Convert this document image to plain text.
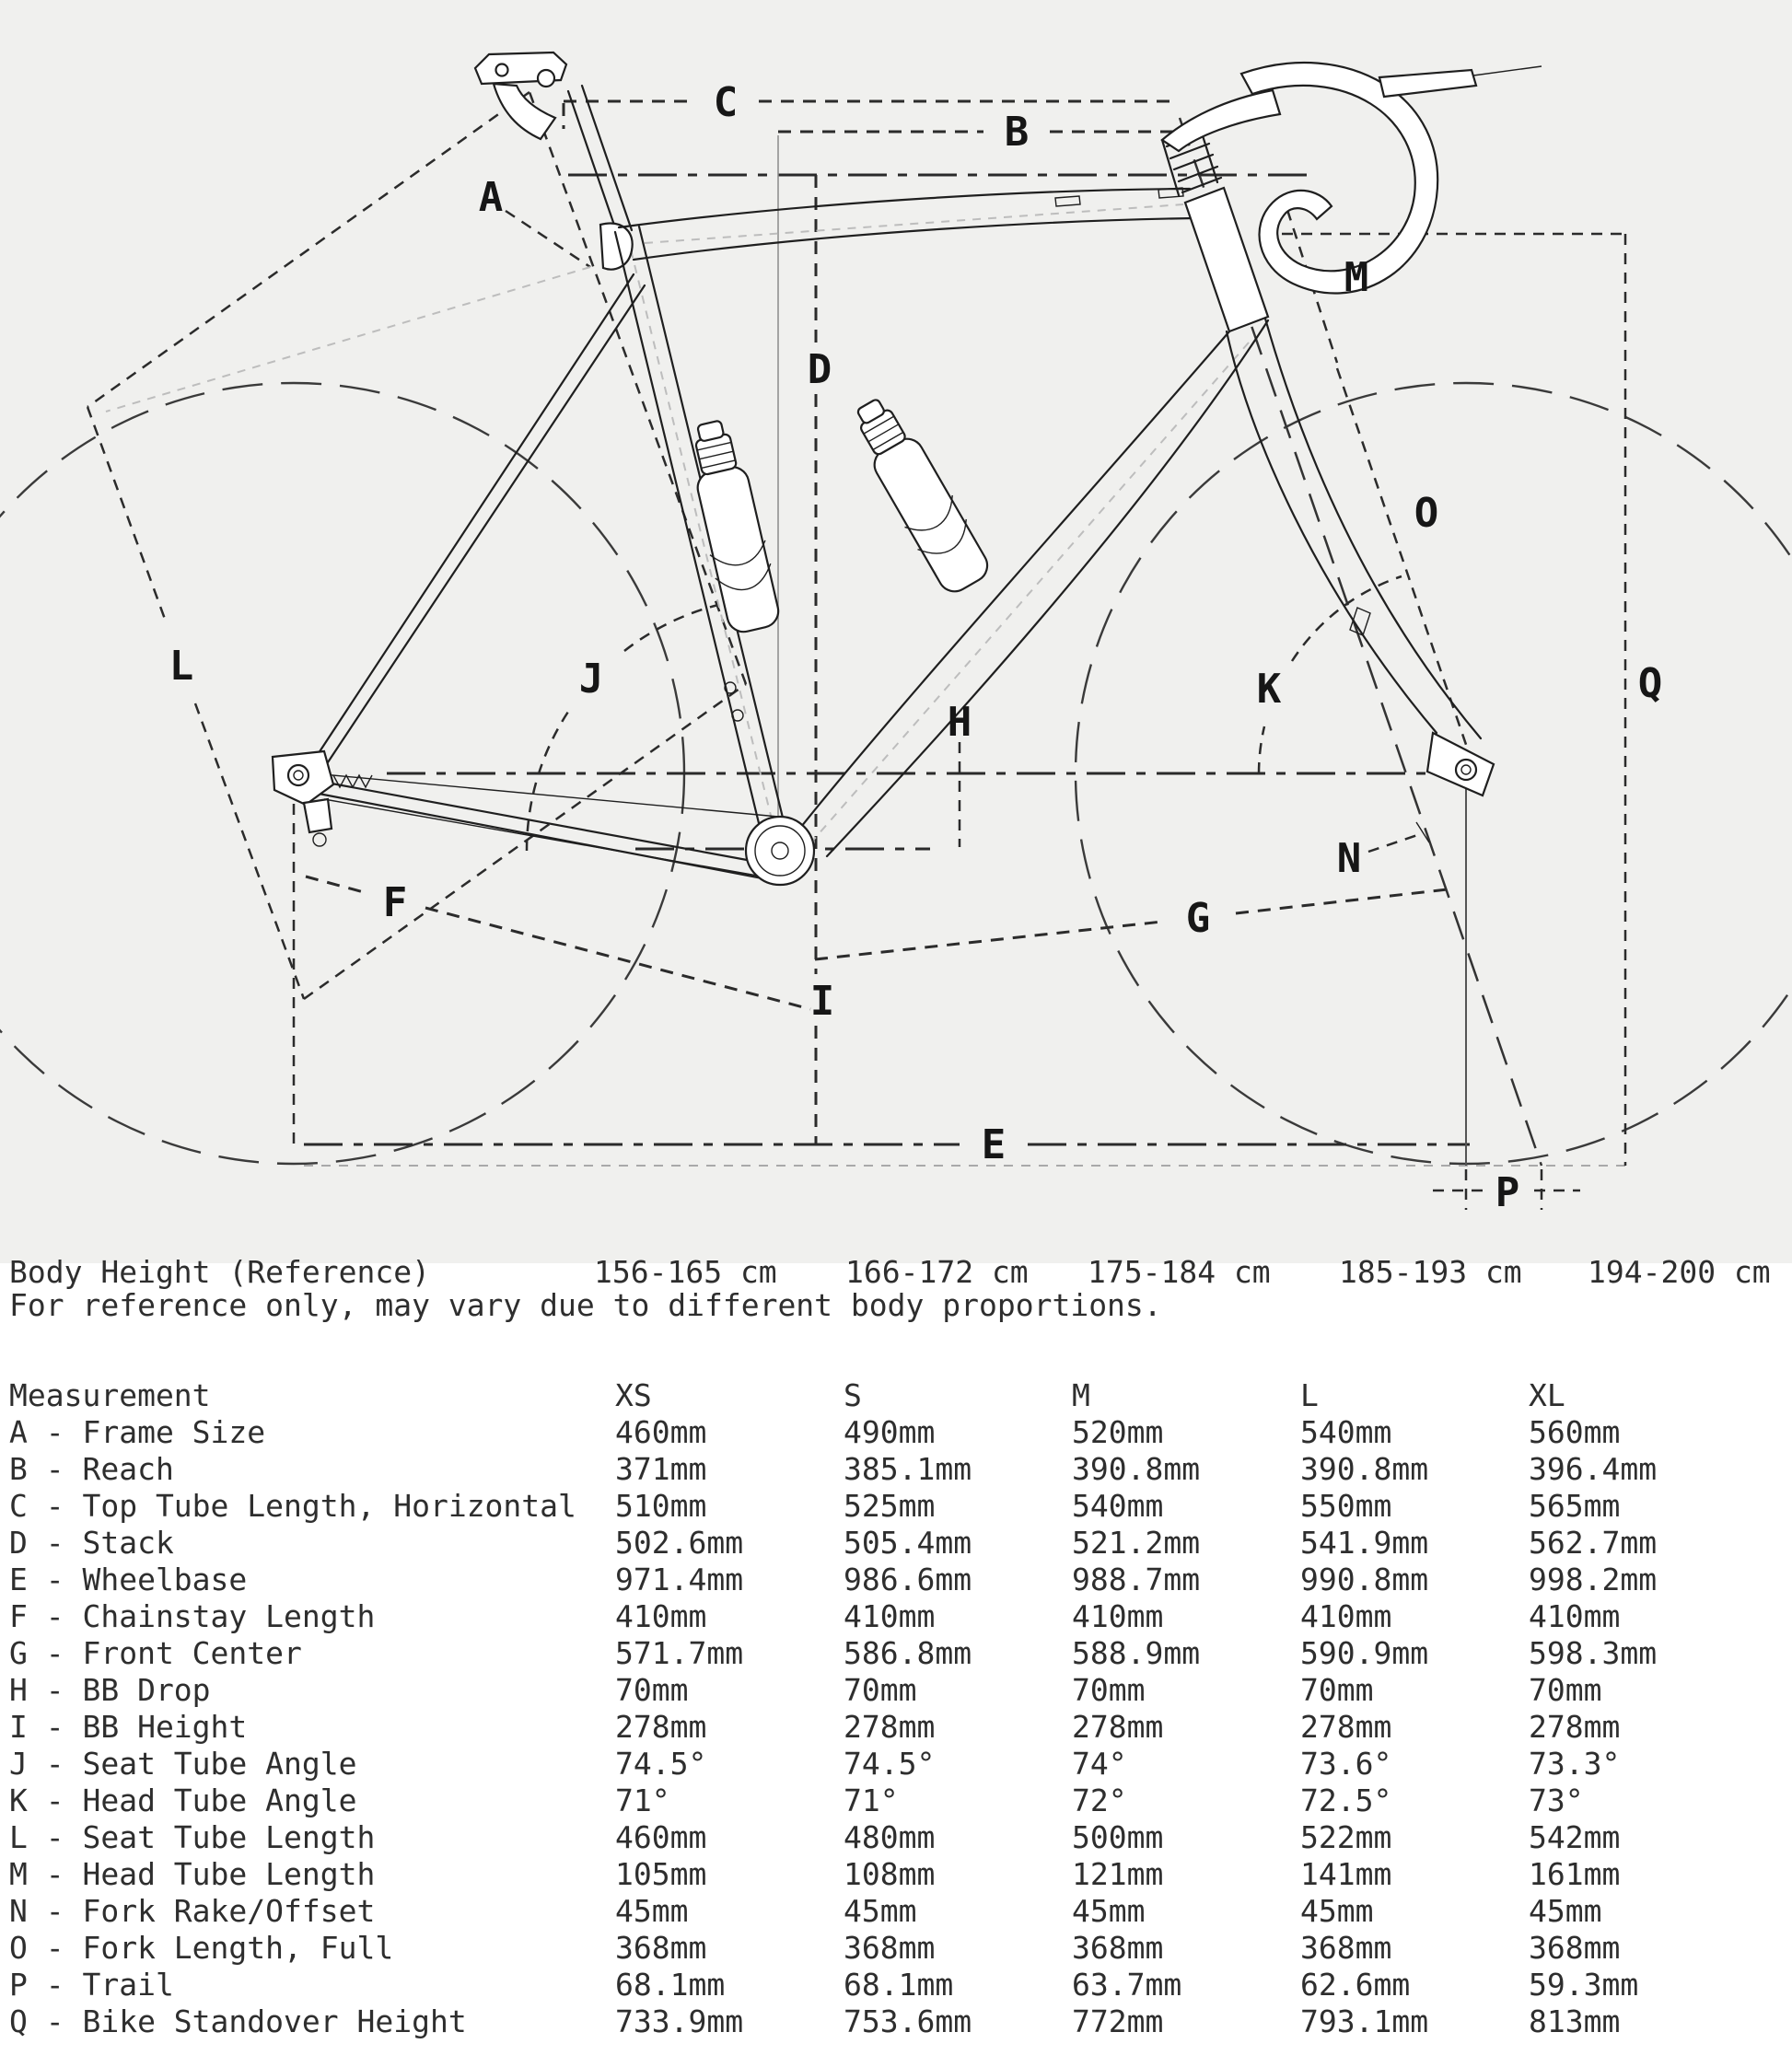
A
B
C
D
E
F	G
H
I
J	K
L
M
N
O
P
Q
Body Height (Reference)	156-165 cm 166-172 cm 175-184 cm 185-193 cm 194-200 cm
For reference only, may vary due to different body proportions.
Measurement	XS	S	M	L	XL
A - Frame Size	460mm	490mm	520mm	540mm	560mm
B - Reach	371mm	385.1mm	390.8mm	390.8mm	396.4mm
C - Top Tube Length, Horizontal 510mm	525mm	540mm	550mm	565mm
D - Stack	502.6mm	505.4mm	521.2mm	541.9mm	562.7mm
E - Wheelbase	971.4mm	986.6mm	988.7mm	990.8mm	998.2mm
F - Chainstay Length	410mm	410mm	410mm	410mm	410mm
G - Front Center	571.7mm	586.8mm	588.9mm	590.9mm	598.3mm
H - BB Drop	70mm	70mm	70mm	70mm	70mm
I - BB Height	278mm	278mm	278mm	278mm	278mm
J - Seat Tube Angle	74.5°	74.5°	74°	73.6°	73.3°
K - Head Tube Angle	71°	71°	72°	72.5°	73°
L - Seat Tube Length	460mm	480mm	500mm	522mm	542mm
M - Head Tube Length	105mm	108mm	121mm	141mm	161mm
N - Fork Rake/Offset	45mm	45mm	45mm	45mm	45mm
O - Fork Length, Full	368mm	368mm	368mm	368mm	368mm
P - Trail	68.1mm	68.1mm	63.7mm	62.6mm	59.3mm
Q - Bike Standover Height	733.9mm	753.6mm	772mm	793.1mm	813mm
